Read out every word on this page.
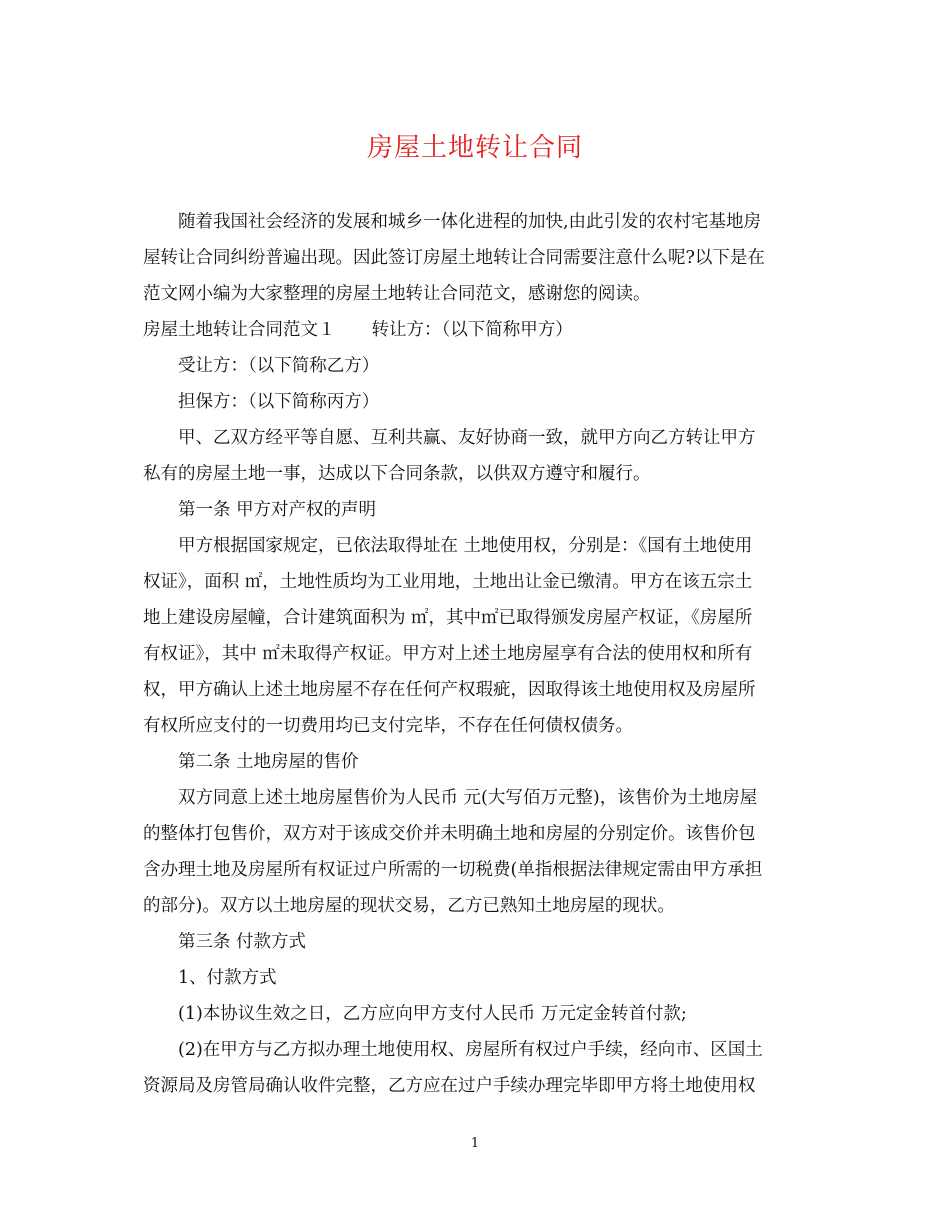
房屋土地转让合同

随着我国社会经济的发展和城乡一体化进程的加快,由此引发的农村宅基地房

屋转让合同纠纷普遍出现。因此签订房屋土地转让合同需要注意什么呢?以下是在

范文网小编为大家整理的房屋土地转让合同范文，感谢您的阅读。

房屋土地转让合同范文１ 转让方：（以下简称甲方）

受让方：（以下简称乙方）

担保方：（以下简称丙方）

甲、乙双方经平等自愿、互利共赢、友好协商一致，就甲方向乙方转让甲方

私有的房屋土地一事，达成以下合同条款，以供双方遵守和履行。

第一条 甲方对产权的声明

甲方根据国家规定，已依法取得址在 土地使用权，分别是：《国有土地使用

权证》，面积 ㎡，土地性质均为工业用地，土地出让金已缴清。甲方在该五宗土

地上建设房屋幢，合计建筑面积为 ㎡，其中㎡已取得颁发房屋产权证，《房屋所

有权证》，其中 ㎡未取得产权证。甲方对上述土地房屋享有合法的使用权和所有

权，甲方确认上述土地房屋不存在任何产权瑕疵，因取得该土地使用权及房屋所

有权所应支付的一切费用均已支付完毕，不存在任何债权债务。

第二条 土地房屋的售价

双方同意上述土地房屋售价为人民币 元(大写佰万元整)，该售价为土地房屋

的整体打包售价，双方对于该成交价并未明确土地和房屋的分别定价。该售价包

含办理土地及房屋所有权证过户所需的一切税费(单指根据法律规定需由甲方承担

的部分)。双方以土地房屋的现状交易，乙方已熟知土地房屋的现状。

第三条 付款方式

1、付款方式

(1)本协议生效之日，乙方应向甲方支付人民币 万元定金转首付款;

(2)在甲方与乙方拟办理土地使用权、房屋所有权过户手续，经向市、区国土

资源局及房管局确认收件完整，乙方应在过户手续办理完毕即甲方将土地使用权

1
